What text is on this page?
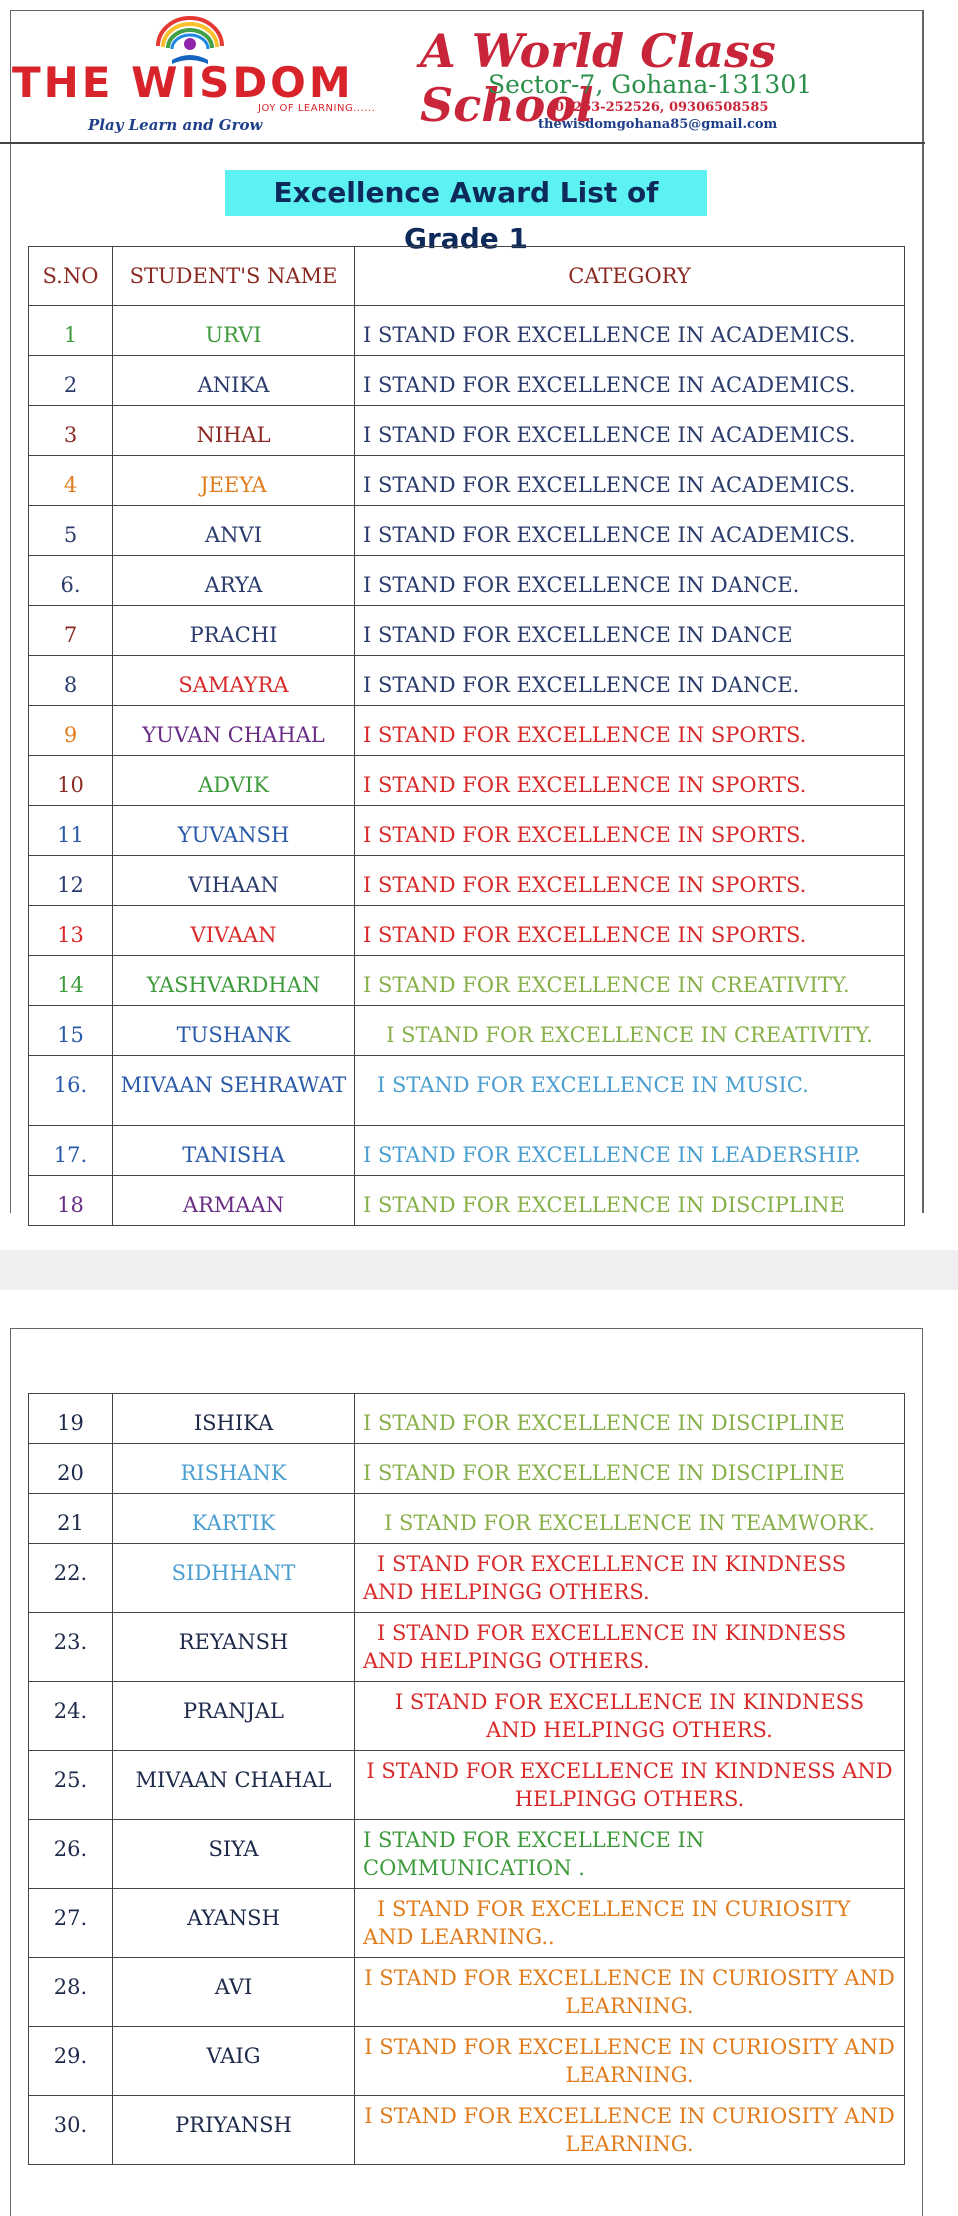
THE WISDOM
JOY OF LEARNING......
Play Learn and Grow
A World Class School
Sector-7, Gohana-131301
01263-252526, 09306508585
thewisdomgohana85@gmail.com
Excellence Award List of Grade 1
S.NO	STUDENT'S NAME	CATEGORY

1	URVI	I STAND FOR EXCELLENCE IN ACADEMICS.

2	ANIKA	I STAND FOR EXCELLENCE IN ACADEMICS.

3	NIHAL	I STAND FOR EXCELLENCE IN ACADEMICS.

4	JEEYA	I STAND FOR EXCELLENCE IN ACADEMICS.

5	ANVI	I STAND FOR EXCELLENCE IN ACADEMICS.

6.	ARYA	I STAND FOR EXCELLENCE IN DANCE.

7	PRACHI	I STAND FOR EXCELLENCE IN DANCE

8	SAMAYRA	I STAND FOR EXCELLENCE IN DANCE.

9	YUVAN CHAHAL	I STAND FOR EXCELLENCE IN SPORTS.

10	ADVIK	I STAND FOR EXCELLENCE IN SPORTS.

11	YUVANSH	I STAND FOR EXCELLENCE IN SPORTS.

12	VIHAAN	I STAND FOR EXCELLENCE IN SPORTS.

13	VIVAAN	I STAND FOR EXCELLENCE IN SPORTS.

14	YASHVARDHAN	I STAND FOR EXCELLENCE IN CREATIVITY.

15	TUSHANK	I STAND FOR EXCELLENCE IN CREATIVITY.

16.	MIVAAN SEHRAWAT	I STAND FOR EXCELLENCE IN MUSIC.

17.	TANISHA	I STAND FOR EXCELLENCE IN LEADERSHIP.

18	ARMAAN	I STAND FOR EXCELLENCE IN DISCIPLINE
19	ISHIKA	I STAND FOR EXCELLENCE IN DISCIPLINE

20	RISHANK	I STAND FOR EXCELLENCE IN DISCIPLINE

21	KARTIK	I STAND FOR EXCELLENCE IN TEAMWORK.

22.	SIDHHANT	I STAND FOR EXCELLENCE IN KINDNESS
AND HELPINGG OTHERS.

23.	REYANSH	I STAND FOR EXCELLENCE IN KINDNESS
AND HELPINGG OTHERS.

24.	PRANJAL	I STAND FOR EXCELLENCE IN KINDNESS
AND HELPINGG OTHERS.

25.	MIVAAN CHAHAL	I STAND FOR EXCELLENCE IN KINDNESS AND
HELPINGG OTHERS.

26.	SIYA	I STAND FOR EXCELLENCE IN
COMMUNICATION .

27.	AYANSH	I STAND FOR EXCELLENCE IN CURIOSITY
AND LEARNING..

28.	AVI	I STAND FOR EXCELLENCE IN CURIOSITY AND
LEARNING.

29.	VAIG	I STAND FOR EXCELLENCE IN CURIOSITY AND
LEARNING.

30.	PRIYANSH	I STAND FOR EXCELLENCE IN CURIOSITY AND
LEARNING.
